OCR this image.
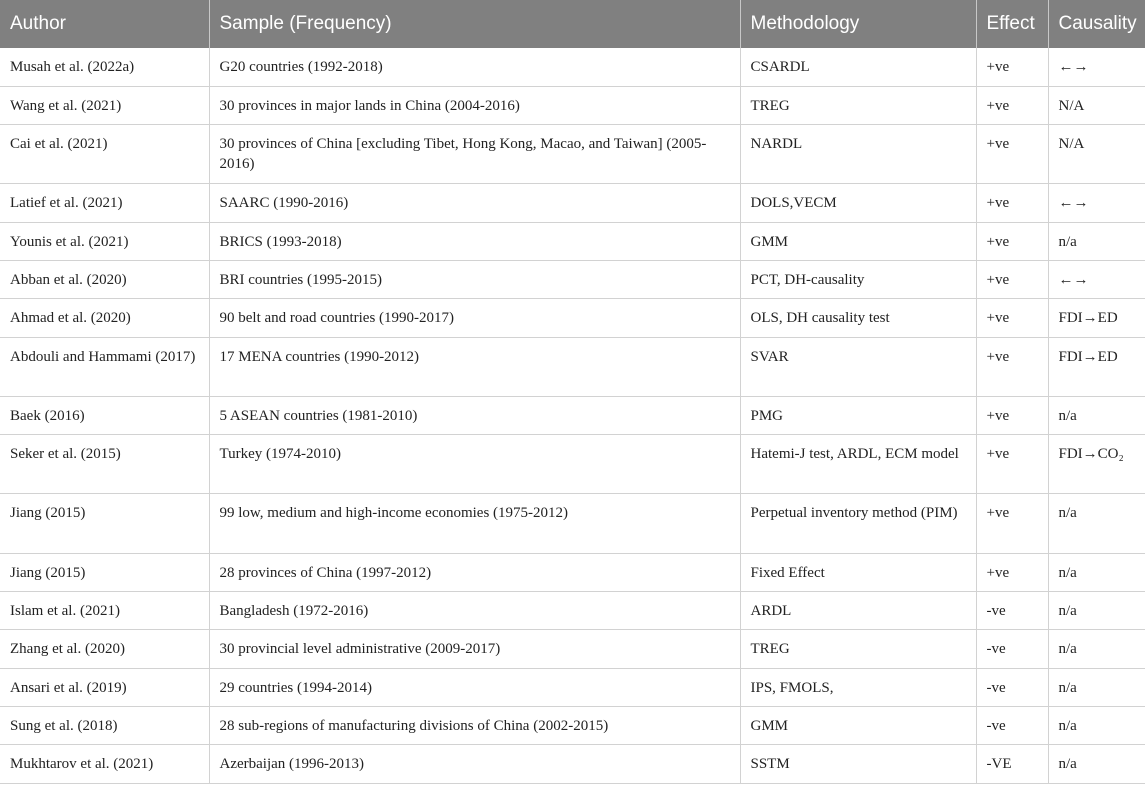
Author	Sample (Frequency)	Methodology	Effect	Causality
Musah et al. (2022a)	G20 countries (1992-2018)	CSARDL	+ve	←→
Wang et al. (2021)	30 provinces in major lands in China (2004-2016)	TREG	+ve	N/A
Cai et al. (2021)	30 provinces of China [excluding Tibet, Hong Kong, Macao, and Taiwan] (2005-2016)	NARDL	+ve	N/A
Latief et al. (2021)	SAARC (1990-2016)	DOLS,VECM	+ve	←→
Younis et al. (2021)	BRICS (1993-2018)	GMM	+ve	n/a
Abban et al. (2020)	BRI countries (1995-2015)	PCT, DH-causality	+ve	←→
Ahmad et al. (2020)	90 belt and road countries (1990-2017)	OLS, DH causality test	+ve	FDI→ED
Abdouli and Hammami (2017)	17 MENA countries (1990-2012)	SVAR	+ve	FDI→ED
Baek (2016)	5 ASEAN countries (1981-2010)	PMG	+ve	n/a
Seker et al. (2015)	Turkey (1974-2010)	Hatemi-J test, ARDL, ECM model	+ve	FDI→CO₂
Jiang (2015)	99 low, medium and high-income economies (1975-2012)	Perpetual inventory method (PIM)	+ve	n/a
Jiang (2015)	28 provinces of China (1997-2012)	Fixed Effect	+ve	n/a
Islam et al. (2021)	Bangladesh (1972-2016)	ARDL	-ve	n/a
Zhang et al. (2020)	30 provincial level administrative (2009-2017)	TREG	-ve	n/a
Ansari et al. (2019)	29 countries (1994-2014)	IPS, FMOLS,	-ve	n/a
Sung et al. (2018)	28 sub-regions of manufacturing divisions of China (2002-2015)	GMM	-ve	n/a
Mukhtarov et al. (2021)	Azerbaijan (1996-2013)	SSTM	-VE	n/a
